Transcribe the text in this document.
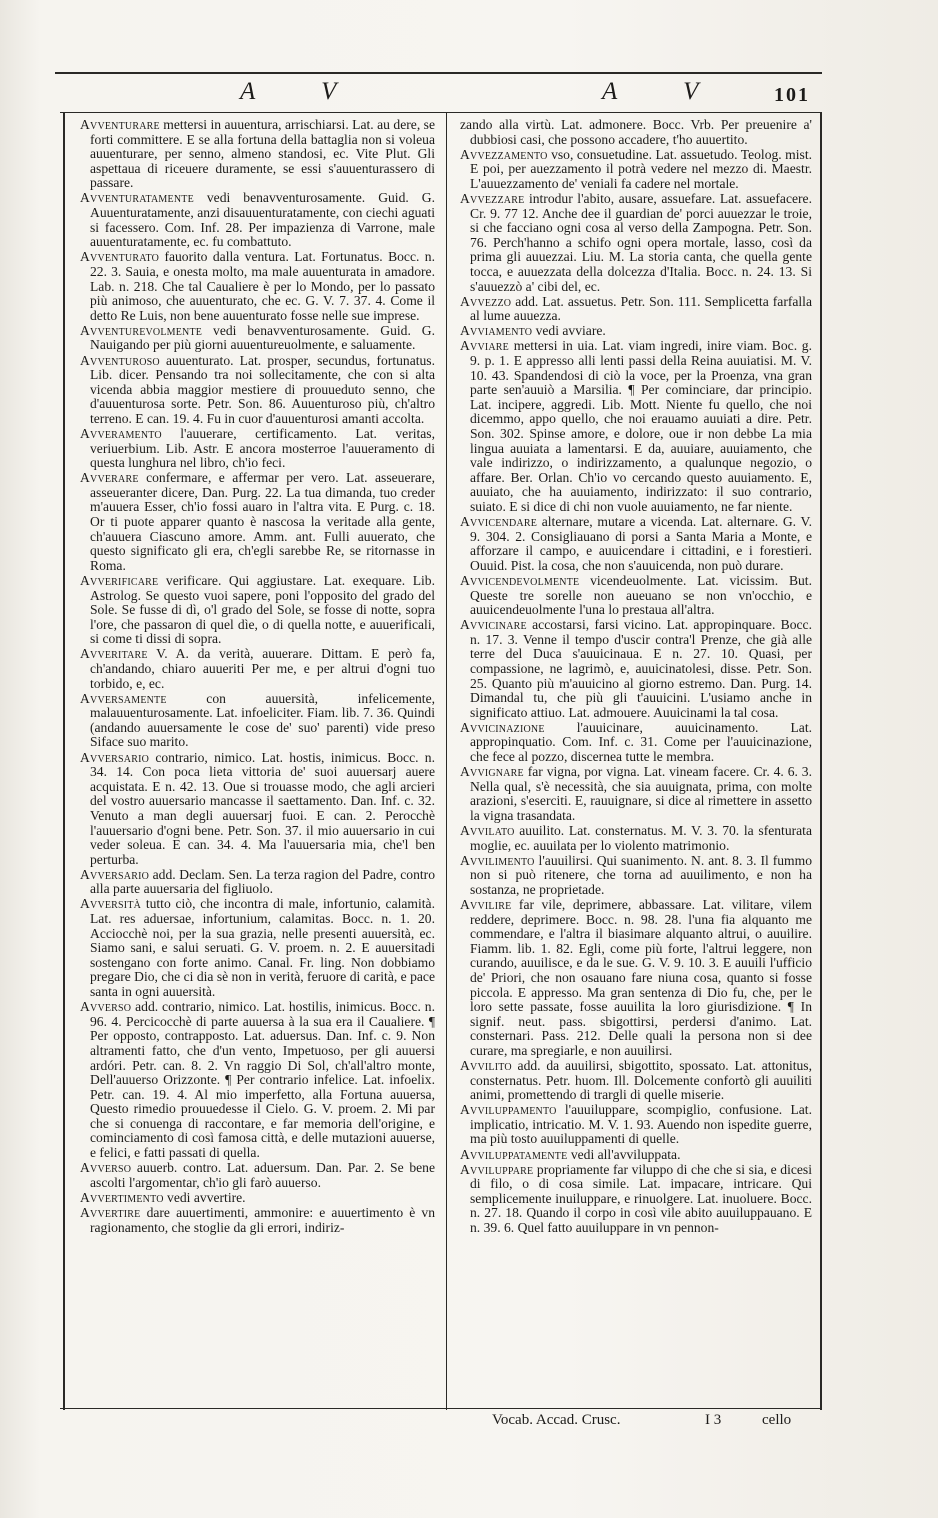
A V	A V 101

Avventurare mettersi in auuentura, arrischiarsi. Lat. au dere, se forti committere. E se alla fortuna della battaglia non si voleua auuenturare, per senno, almeno standosi, ec. Vite Plut. Gli aspettaua di riceuere duramente, se essi s'auuenturassero di passare.

Avventuratamente vedi benavventurosamente. Guid. G. Auuenturatamente, anzi disauuenturatamente, con ciechi aguati si facessero. Com. Inf. 28. Per impazienza di Varrone, male auuenturatamente, ec. fu combattuto.

Avventurato fauorito dalla ventura. Lat. Fortunatus. Bocc. n. 22. 3. Sauia, e onesta molto, ma male auuenturata in amadore. Lab. n. 218. Che tal Caualiere è per lo Mondo, per lo passato più animoso, che auuenturato, che ec. G. V. 7. 37. 4. Come il detto Re Luis, non bene auuenturato fosse nelle sue imprese.

Avventurevolmente vedi benavventurosamente. Guid. G. Nauigando per più giorni auuentureuolmente, e saluamente.

Avventuroso auuenturato. Lat. prosper, secundus, fortunatus. Lib. dicer. Pensando tra noi sollecitamente, che con si alta vicenda abbia maggior mestiere di prouueduto senno, che d'auuenturosa sorte. Petr. Son. 86. Auuenturoso più, ch'altro terreno. E can. 19. 4. Fu in cuor d'auuenturosi amanti accolta.

Avveramento l'auuerare, certificamento. Lat. veritas, veriuerbium. Lib. Astr. E ancora mosterroe l'auueramento di questa lunghura nel libro, ch'io feci.

Avverare confermare, e affermar per vero. Lat. asseuerare, asseueranter dicere, Dan. Purg. 22. La tua dimanda, tuo creder m'auuera Esser, ch'io fossi auaro in l'altra vita. E Purg. c. 18. Or ti puote apparer quanto è nascosa la veritade alla gente, ch'auuera Ciascuno amore. Amm. ant. Fulli auuerato, che questo significato gli era, ch'egli sarebbe Re, se ritornasse in Roma.

Avverificare verificare. Qui aggiustare. Lat. exequare. Lib. Astrolog. Se questo vuoi sapere, poni l'opposito del grado del Sole. Se fusse di dì, o'l grado del Sole, se fosse di notte, sopra l'ore, che passaron di quel dìe, o di quella notte, e auuerificali, si come ti dissi di sopra.

Avveritare V. A. da verità, auuerare. Dittam. E però fa, ch'andando, chiaro auueriti Per me, e per altrui d'ogni tuo torbido, e, ec.

Avversamente con auuersità, infelicemente, malauuenturosamente. Lat. infoeliciter. Fiam. lib. 7. 36. Quindi (andando auuersamente le cose de' suo' parenti) vide preso Siface suo marito.

Avversario contrario, nimico. Lat. hostis, inimicus. Bocc. n. 34. 14. Con poca lieta vittoria de' suoi auuersarj auere acquistata. E n. 42. 13. Oue si trouasse modo, che agli arcieri del vostro auuersario mancasse il saettamento. Dan. Inf. c. 32. Venuto a man degli auuersarj fuoi. E can. 2. Perocchè l'auuersario d'ogni bene. Petr. Son. 37. il mio auuersario in cui veder soleua. E can. 34. 4. Ma l'auuersaria mia, che'l ben perturba.

Avversario add. Declam. Sen. La terza ragion del Padre, contro alla parte auuersaria del figliuolo.

Avversità tutto ciò, che incontra di male, infortunio, calamità. Lat. res aduersae, infortunium, calamitas. Bocc. n. 1. 20. Acciocchè noi, per la sua grazia, nelle presenti auuersità, ec. Siamo sani, e salui seruati. G. V. proem. n. 2. E auuersitadi sostengano con forte animo. Canal. Fr. ling. Non dobbiamo pregare Dio, che ci dia sè non in verità, feruore di carità, e pace santa in ogni auuersità.

Avverso add. contrario, nimico. Lat. hostilis, inimicus. Bocc. n. 96. 4. Percicocchè di parte auuersa à la sua era il Caualiere. ¶ Per opposto, contrapposto. Lat. aduersus. Dan. Inf. c. 9. Non altramenti fatto, che d'un vento, Impetuoso, per gli auuersi ardóri. Petr. can. 8. 2. Vn raggio Di Sol, ch'all'altro monte, Dell'auuerso Orizzonte. ¶ Per contrario infelice. Lat. infoelix. Petr. can. 19. 4. Al mio imperfetto, alla Fortuna auuersa, Questo rimedio prouuedesse il Cielo. G. V. proem. 2. Mi par che si conuenga di raccontare, e far memoria dell'origine, e cominciamento di così famosa città, e delle mutazioni auuerse, e felici, e fatti passati di quella.

Avverso auuerb. contro. Lat. aduersum. Dan. Par. 2. Se bene ascolti l'argomentar, ch'io gli farò auuerso.

Avvertimento vedi avvertire.

Avvertire dare auuertimenti, ammonire: e auuertimento è vn ragionamento, che stoglie da gli errori, indiriz-

zando alla virtù. Lat. admonere. Bocc. Vrb. Per preuenire a' dubbiosi casi, che possono accadere, t'ho auuertito.

Avvezzamento vso, consuetudine. Lat. assuetudo. Teolog. mist. E poi, per auezzamento il potrà vedere nel mezzo di. Maestr. L'auuezzamento de' veniali fa cadere nel mortale.

Avvezzare introdur l'abito, ausare, assuefare. Lat. assuefacere. Cr. 9. 77 12. Anche dee il guardian de' porci auuezzar le troie, si che facciano ogni cosa al verso della Zampogna. Petr. Son. 76. Perch'hanno a schifo ogni opera mortale, lasso, così da prima gli auuezzai. Liu. M. La storia canta, che quella gente tocca, e auuezzata della dolcezza d'Italia. Bocc. n. 24. 13. Si s'auuezzò a' cibi del, ec.

Avvezzo add. Lat. assuetus. Petr. Son. 111. Semplicetta farfalla al lume auuezza.

Avviamento vedi avviare.

Avviare mettersi in uia. Lat. viam ingredi, inire viam. Boc. g. 9. p. 1. E appresso alli lenti passi della Reina auuiatisi. M. V. 10. 43. Spandendosi di ciò la voce, per la Proenza, vna gran parte sen'auuiò a Marsilia. ¶ Per cominciare, dar principio. Lat. incipere, aggredi. Lib. Mott. Niente fu quello, che noi dicemmo, appo quello, che noi erauamo auuiati a dire. Petr. Son. 302. Spinse amore, e dolore, oue ir non debbe La mia lingua auuiata a lamentarsi. E da, auuiare, auuiamento, che vale indirizzo, o indirizzamento, a qualunque negozio, o affare. Ber. Orlan. Ch'io vo cercando questo auuiamento. E, auuiato, che ha auuiamento, indirizzato: il suo contrario, suiato. E si dice di chi non vuole auuiamento, ne far niente.

Avvicendare alternare, mutare a vicenda. Lat. alternare. G. V. 9. 304. 2. Consigliauano di porsi a Santa Maria a Monte, e afforzare il campo, e auuicendare i cittadini, e i forestieri. Ouuid. Pist. la cosa, che non s'auuicenda, non può durare.

Avvicendevolmente vicendeuolmente. Lat. vicissim. But. Queste tre sorelle non aueuano se non vn'occhio, e auuicendeuolmente l'una lo prestaua all'altra.

Avvicinare accostarsi, farsi vicino. Lat. appropinquare. Bocc. n. 17. 3. Venne il tempo d'uscir contra'l Prenze, che già alle terre del Duca s'auuicinaua. E n. 27. 10. Quasi, per compassione, ne lagrimò, e, auuicinatolesi, disse. Petr. Son. 25. Quanto più m'auuicino al giorno estremo. Dan. Purg. 14. Dimandal tu, che più gli t'auuicini. L'usiamo anche in significato attiuo. Lat. admouere. Auuicinami la tal cosa.

Avvicinazione l'auuicinare, auuicinamento. Lat. appropinquatio. Com. Inf. c. 31. Come per l'auuicinazione, che fece al pozzo, discernea tutte le membra.

Avvignare far vigna, por vigna. Lat. vineam facere. Cr. 4. 6. 3. Nella qual, s'è necessità, che sia auuignata, prima, con molte arazioni, s'eserciti. E, rauuignare, si dice al rimettere in assetto la vigna trasandata.

Avvilato auuilito. Lat. consternatus. M. V. 3. 70. la sfenturata moglie, ec. auuilata per lo violento matrimonio.

Avvilimento l'auuilirsi. Qui suanimento. N. ant. 8. 3. Il fummo non si può ritenere, che torna ad auuilimento, e non ha sostanza, ne proprietade.

Avvilire far vile, deprimere, abbassare. Lat. vilitare, vilem reddere, deprimere. Bocc. n. 98. 28. l'una fia alquanto me commendare, e l'altra il biasimare alquanto altrui, o auuilire. Fiamm. lib. 1. 82. Egli, come più forte, l'altrui leggere, non curando, auuilisce, e da le sue. G. V. 9. 10. 3. E auuili l'ufficio de' Priori, che non osauano fare niuna cosa, quanto si fosse piccola. E appresso. Ma gran sentenza di Dio fu, che, per le loro sette passate, fosse auuilita la loro giurisdizione. ¶ In signif. neut. pass. sbigottirsi, perdersi d'animo. Lat. consternari. Pass. 212. Delle quali la persona non si dee curare, ma spregiarle, e non auuilirsi.

Avvilito add. da auuilirsi, sbigottito, spossato. Lat. attonitus, consternatus. Petr. huom. Ill. Dolcemente confortò gli auuiliti animi, promettendo di trargli di quelle miserie.

Avviluppamento l'auuiluppare, scompiglio, confusione. Lat. implicatio, intricatio. M. V. 1. 93. Auendo non ispedite guerre, ma più tosto auuiluppamenti di quelle.

Avviluppatamente vedi all'avviluppata.

Avviluppare propriamente far viluppo di che che si sia, e dicesi di filo, o di cosa simile. Lat. impacare, intricare. Qui semplicemente inuiluppare, e rinuolgere. Lat. inuoluere. Bocc. n. 27. 18. Quando il corpo in così vile abito auuiluppauano. E n. 39. 6. Quel fatto auuiluppare in vn pennon-

Vocab. Accad. Crusc.	I 3	cello
